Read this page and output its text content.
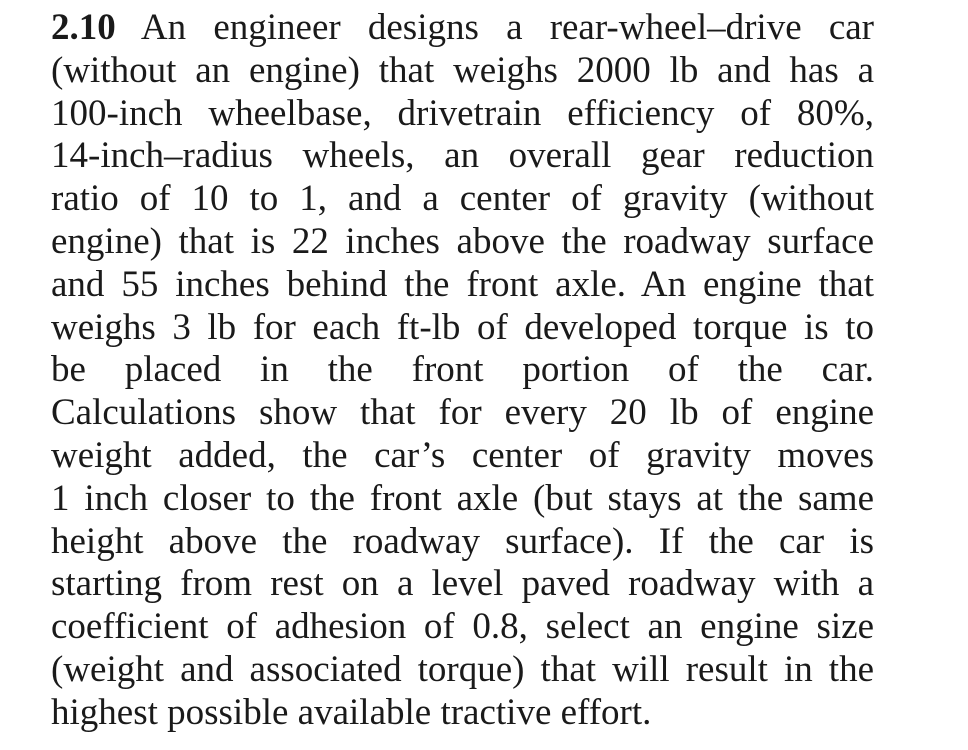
2.10 An engineer designs a rear-wheel–drive car
(without an engine) that weighs 2000 lb and has a
100-inch wheelbase, drivetrain efficiency of 80%,
14-inch–radius wheels, an overall gear reduction
ratio of 10 to 1, and a center of gravity (without
engine) that is 22 inches above the roadway surface
and 55 inches behind the front axle. An engine that
weighs 3 lb for each ft-lb of developed torque is to
be placed in the front portion of the car.
Calculations show that for every 20 lb of engine
weight added, the car’s center of gravity moves
1 inch closer to the front axle (but stays at the same
height above the roadway surface). If the car is
starting from rest on a level paved roadway with a
coefficient of adhesion of 0.8, select an engine size
(weight and associated torque) that will result in the
highest possible available tractive effort.
